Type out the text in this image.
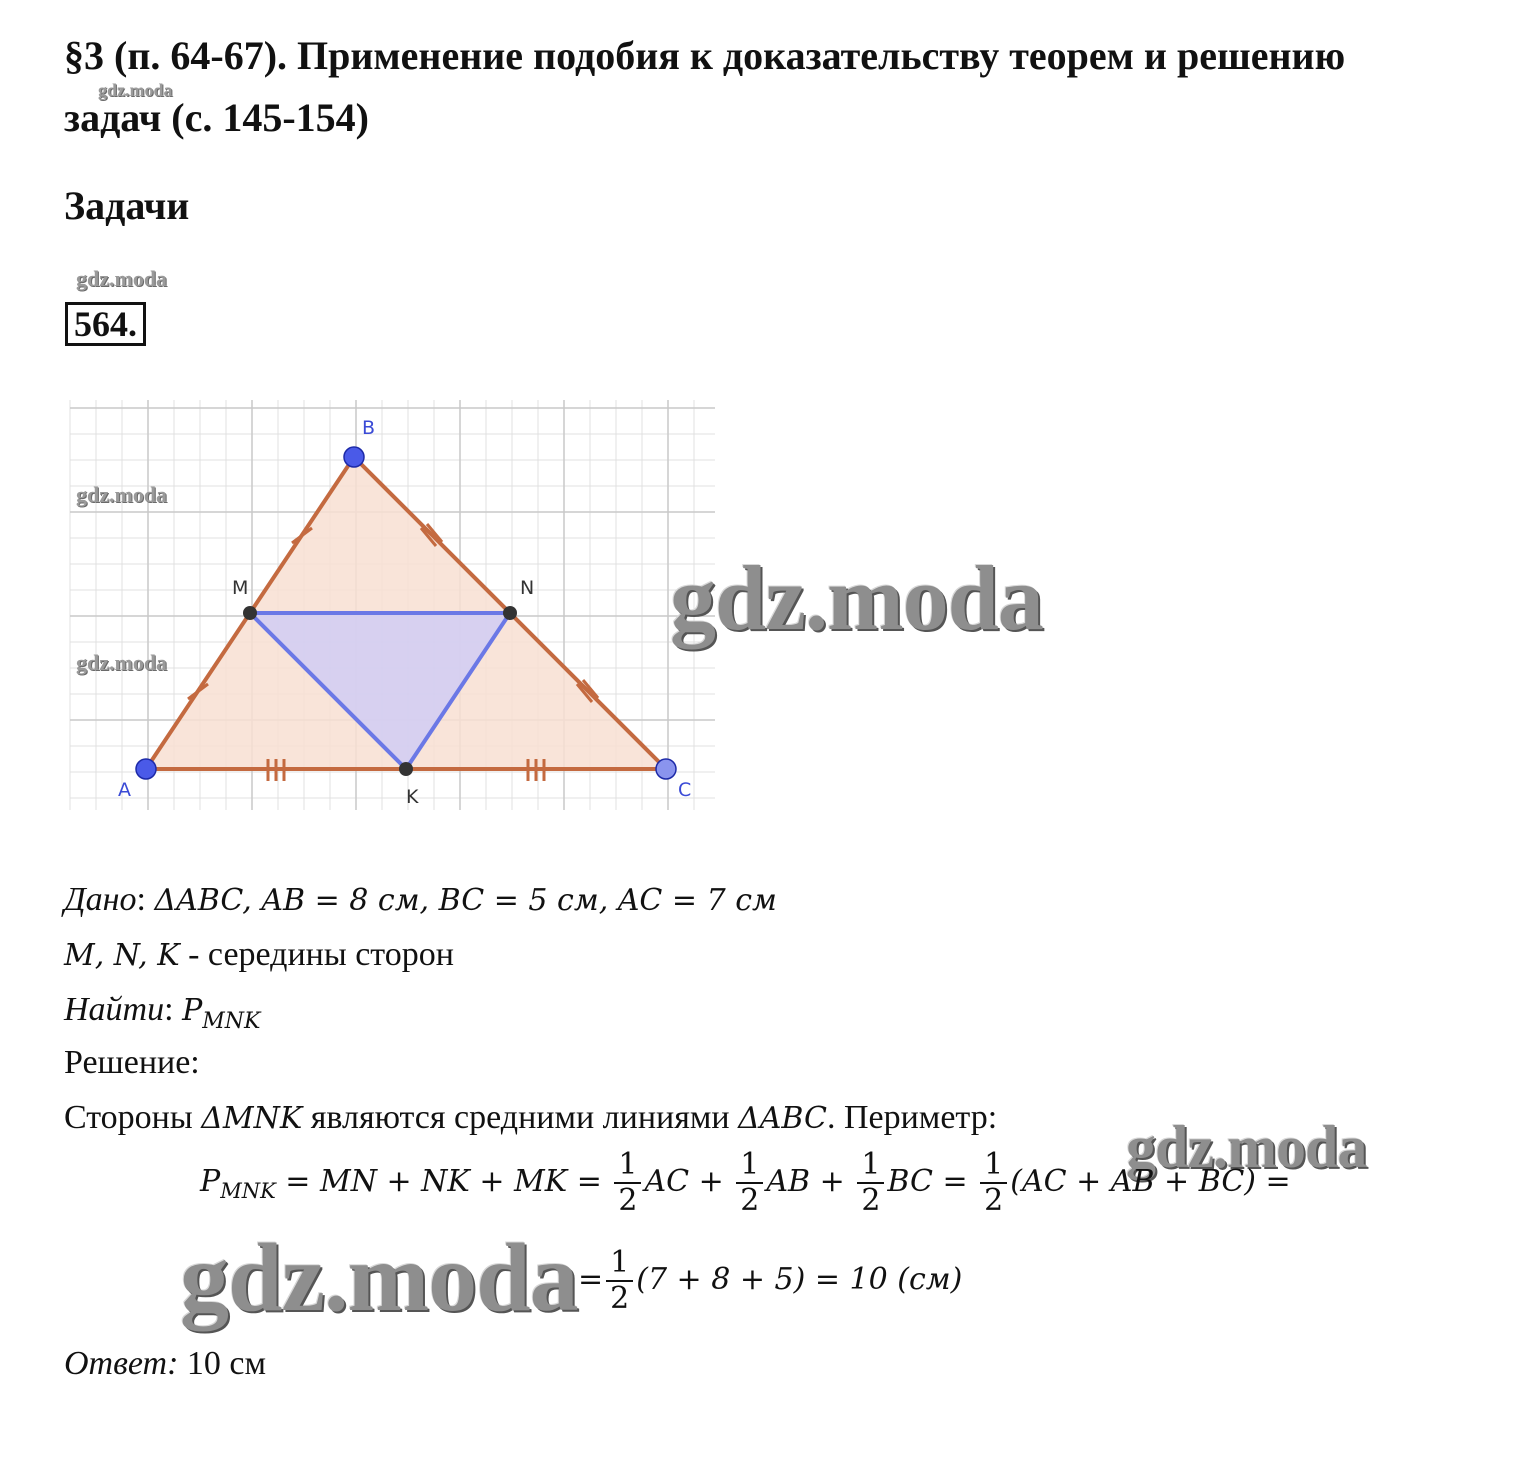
§3 (п. 64-67). Применение подобия к доказательству теорем и решению
задач (с. 145-154)
gdz.moda
Задачи
gdz.moda
564.
A
B
C
M	N
K
gdz.moda
gdz.moda
gdz.moda
Дано: ΔABC, AB = 8 см, BC = 5 см, AC = 7 см
M, N, K - середины сторон
Найти: $P_{MNK}$
Решение:
Стороны ΔMNK являются средними линиями ΔABC. Периметр: gdz.moda
$P_{MNK}$ = MN + NK + MK = $\frac{1}{2}$ AC + $\frac{1}{2}$ AB + $\frac{1}{2}$ BC = $\frac{1}{2} (AC$ + AB + BC) =
gdz.moda = $\frac{1}{2} (7 + 8 + 5) = 10$ (см)
Ответ: 10 см
